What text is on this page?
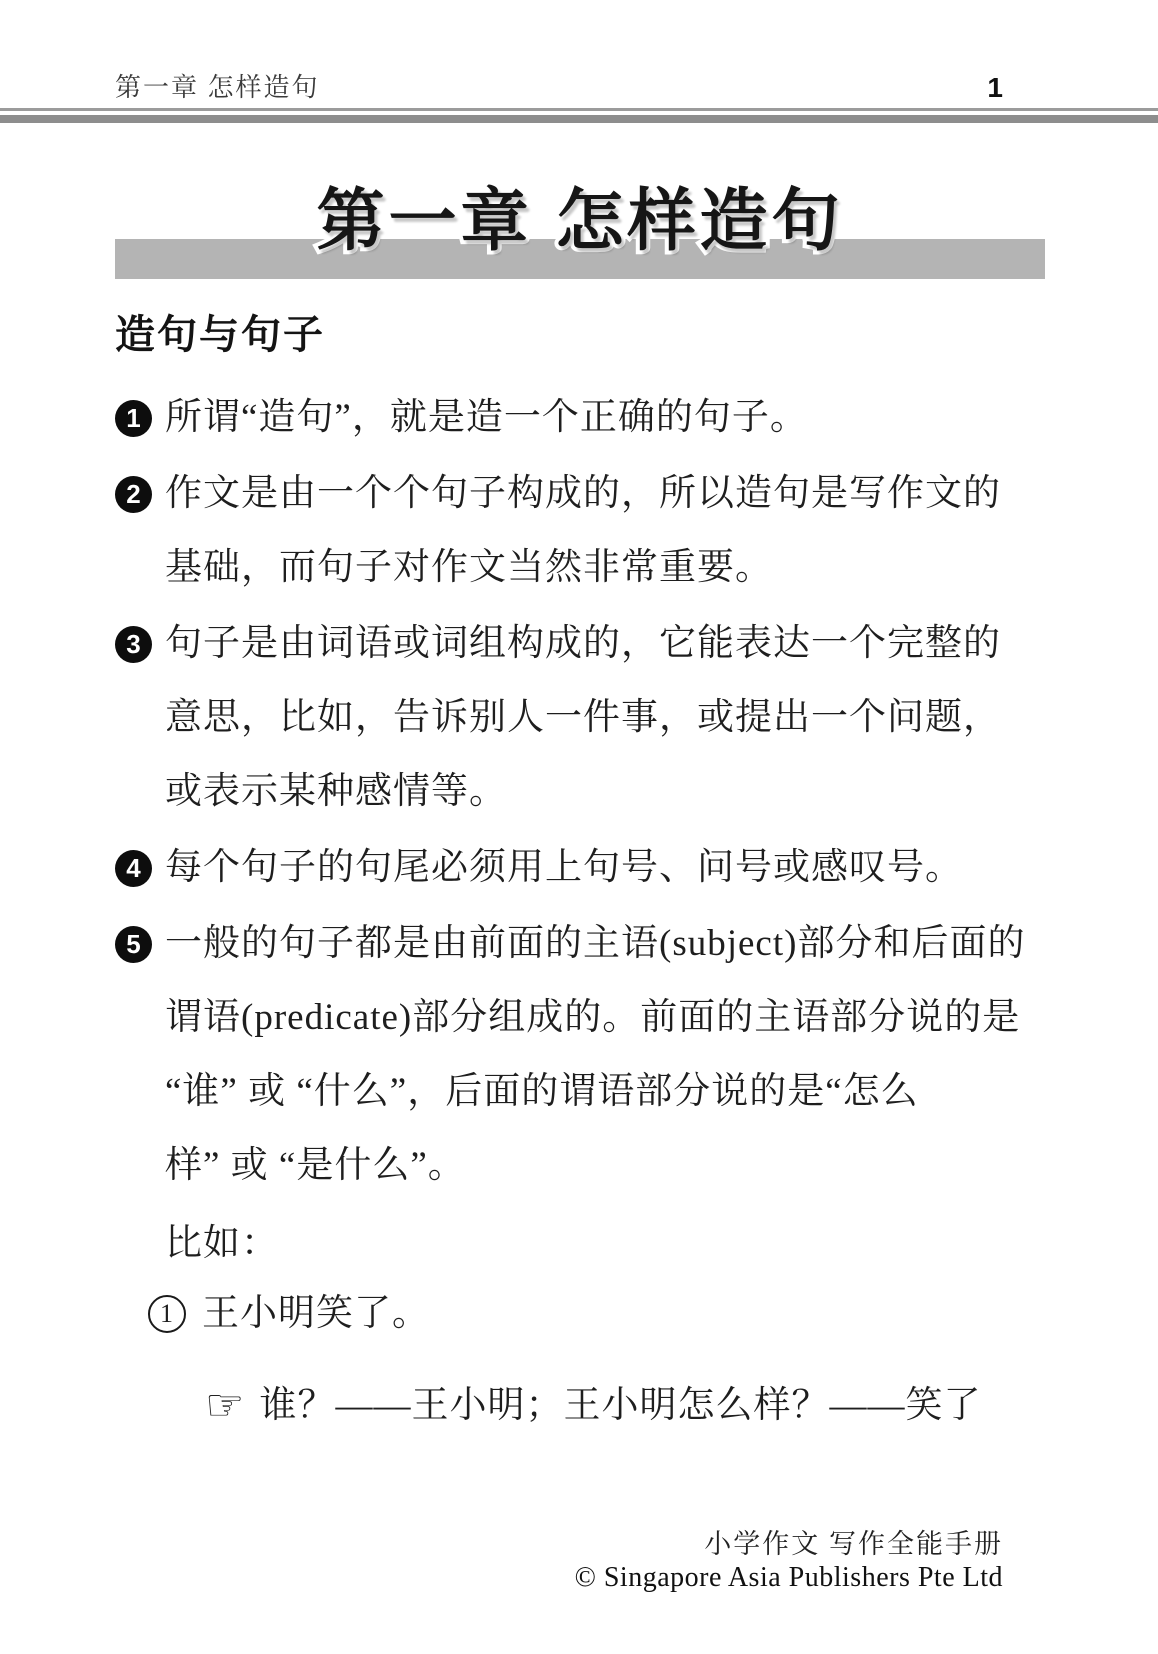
第一章 怎样造句	1
第一章 怎样造句
造句与句子
1 所谓“造句”，就是造一个正确的句子。
2 作文是由一个个句子构成的，所以造句是写作文的
基础，而句子对作文当然非常重要。
3 句子是由词语或词组构成的，它能表达一个完整的
意思，比如，告诉别人一件事，或提出一个问题，
或表示某种感情等。
4 每个句子的句尾必须用上句号、问号或感叹号。
5 一般的句子都是由前面的主语(subject)部分和后面的
谓语(predicate)部分组成的。前面的主语部分说的是
“谁” 或 “什么”，后面的谓语部分说的是“怎么
样” 或 “是什么”。
比如：
1 王小明笑了。
☞ 谁？——王小明；王小明怎么样？——笑了
小学作文 写作全能手册
© Singapore Asia Publishers Pte Ltd
